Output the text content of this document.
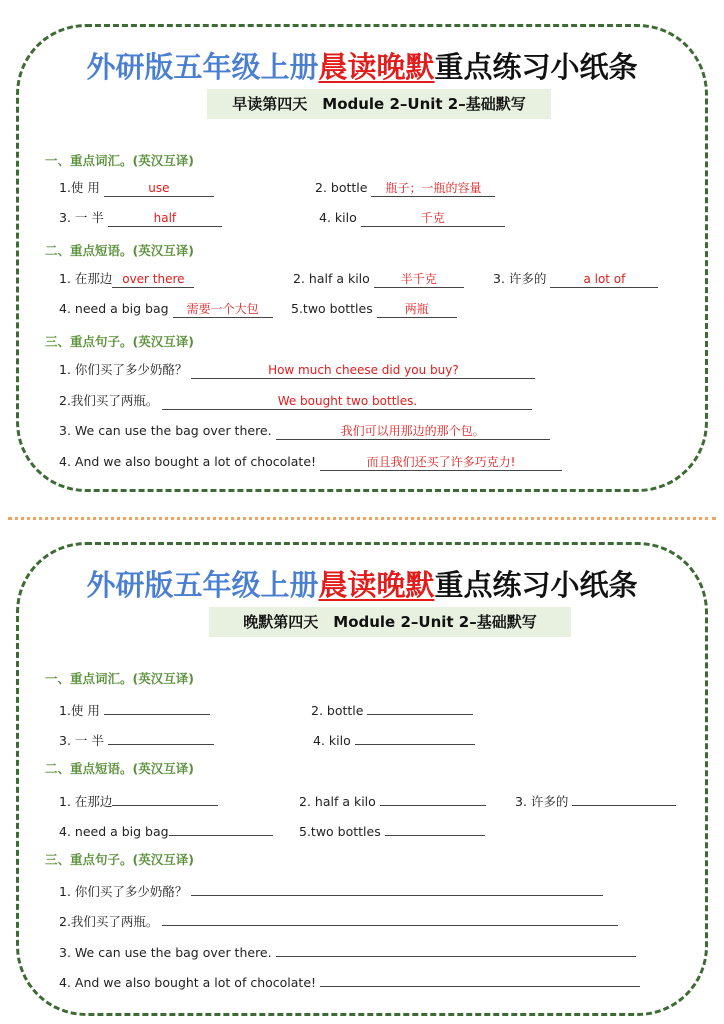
外研版五年级上册晨读晚默重点练习小纸条
早读第四天　Module 2–Unit 2–基础默写
一、重点词汇。(英汉互译)
1.使 用	use	2. bottle 瓶子；一瓶的容量
3. 一 半	half	4. kilo	千克
二、重点短语。(英汉互译)
1. 在那边 over there	2. half a kilo	半千克	3. 许多的	a lot of
4. need a big bag 需要一个大包	5.two bottles	两瓶
三、重点句子。(英汉互译)
1. 你们买了多少奶酪？	How much cheese did you buy?
2.我们买了两瓶。	We bought two bottles.
3. We can use the bag over there.	我们可以用那边的那个包。
4. And we also bought a lot of chocolate!	而且我们还买了许多巧克力!
外研版五年级上册晨读晚默重点练习小纸条
晚默第四天　Module 2–Unit 2–基础默写
一、重点词汇。(英汉互译)
1.使 用	2. bottle
3. 一 半	4. kilo
二、重点短语。(英汉互译)
1. 在那边	2. half a kilo	3. 许多的
4. need a big bag	5.two bottles
三、重点句子。(英汉互译)
1. 你们买了多少奶酪？
2.我们买了两瓶。
3. We can use the bag over there.
4. And we also bought a lot of chocolate!
